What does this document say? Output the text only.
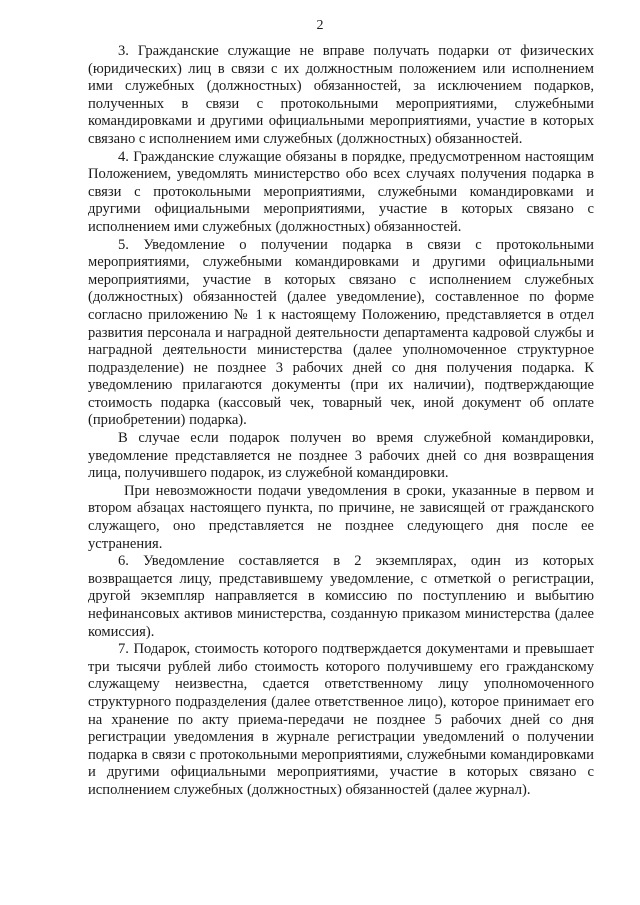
2

3. Гражданские служащие не вправе получать подарки от физических (юридических) лиц в связи с их должностным положением или исполнением ими служебных (должностных) обязанностей, за исключением подарков, полученных в связи с протокольными мероприятиями, служебными командировками и другими официальными мероприятиями, участие в которых связано с исполнением ими служебных (должностных) обязанностей.

4. Гражданские служащие обязаны в порядке, предусмотренном настоящим Положением, уведомлять министерство обо всех случаях получения подарка в связи с протокольными мероприятиями, служебными командировками и другими официальными мероприятиями, участие в которых связано с исполнением ими служебных (должностных) обязанностей.

5. Уведомление о получении подарка в связи с протокольными мероприятиями, служебными командировками и другими официальными мероприятиями, участие в которых связано с исполнением служебных (должностных) обязанностей (далее уведомление), составленное по форме согласно приложению № 1 к настоящему Положению, представляется в отдел развития персонала и наградной деятельности департамента кадровой службы и наградной деятельности министерства (далее уполномоченное структурное подразделение) не позднее 3 рабочих дней со дня получения подарка. К уведомлению прилагаются документы (при их наличии), подтверждающие стоимость подарка (кассовый чек, товарный чек, иной документ об оплате (приобретении) подарка).

В случае если подарок получен во время служебной командировки, уведомление представляется не позднее 3 рабочих дней со дня возвращения лица, получившего подарок, из служебной командировки.

При невозможности подачи уведомления в сроки, указанные в первом и втором абзацах настоящего пункта, по причине, не зависящей от гражданского служащего, оно представляется не позднее следующего дня после ее устранения.

6. Уведомление составляется в 2 экземплярах, один из которых возвращается лицу, представившему уведомление, с отметкой о регистрации, другой экземпляр направляется в комиссию по поступлению и выбытию нефинансовых активов министерства, созданную приказом министерства (далее комиссия).

7. Подарок, стоимость которого подтверждается документами и превышает три тысячи рублей либо стоимость которого получившему его гражданскому служащему неизвестна, сдается ответственному лицу уполномоченного структурного подразделения (далее ответственное лицо), которое принимает его на хранение по акту приема-передачи не позднее 5 рабочих дней со дня регистрации уведомления в журнале регистрации уведомлений о получении подарка в связи с протокольными мероприятиями, служебными командировками и другими официальными мероприятиями, участие в которых связано с исполнением служебных (должностных) обязанностей (далее журнал).
